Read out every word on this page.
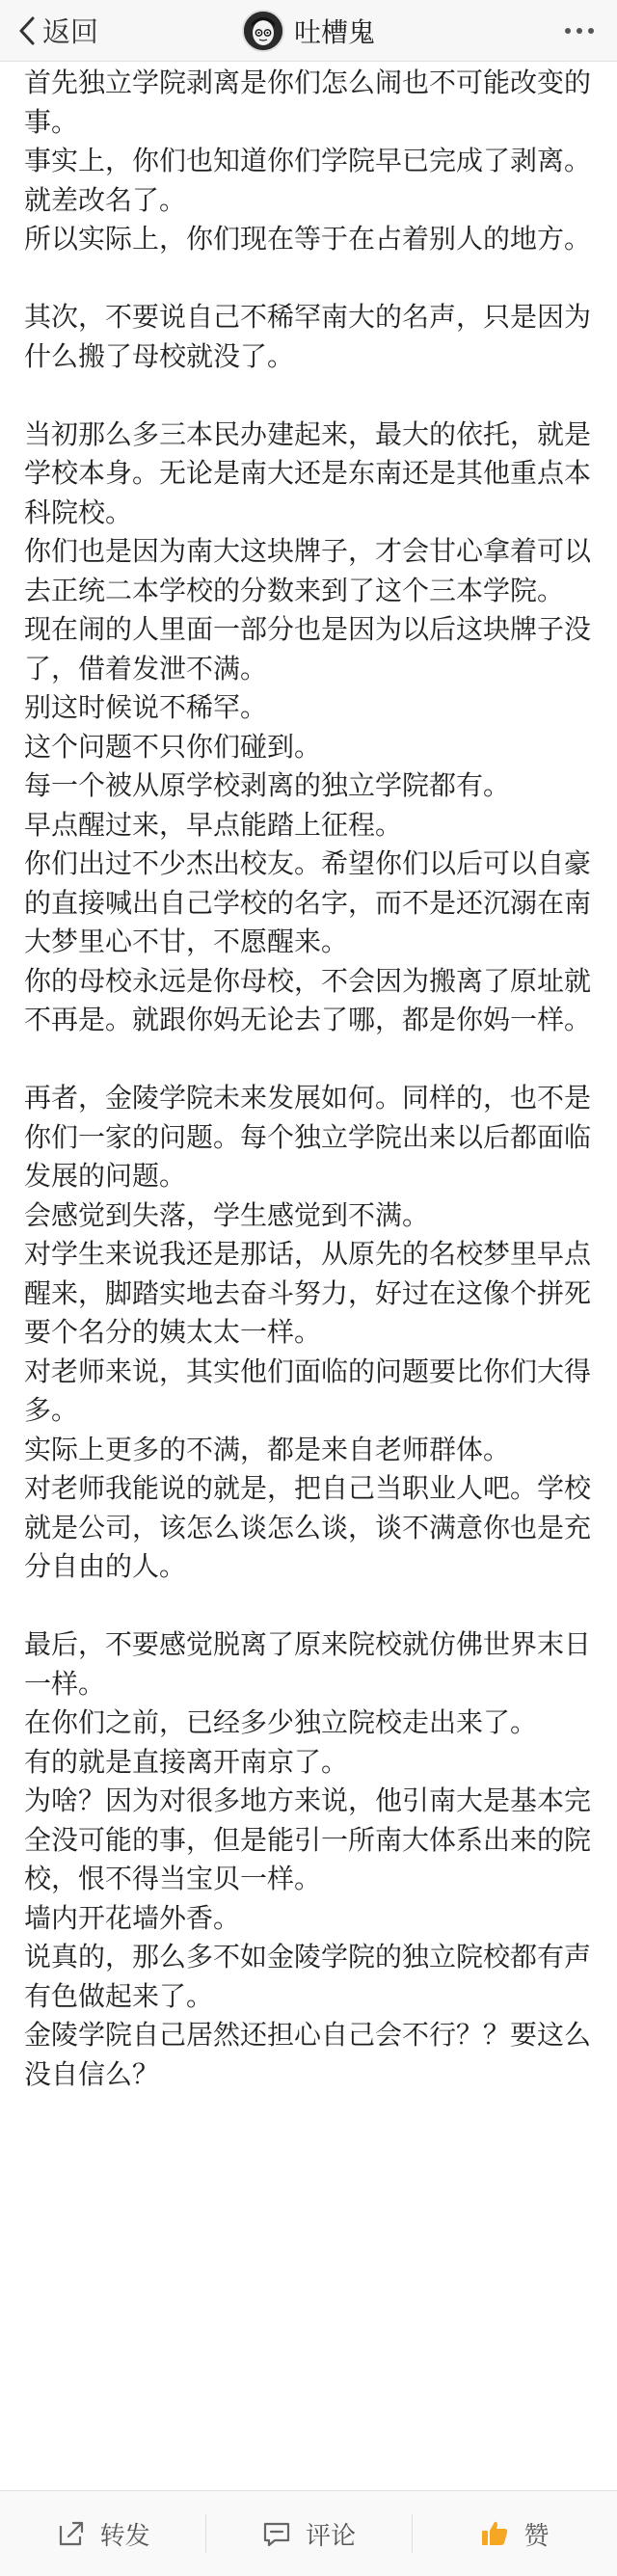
返回	吐槽鬼

首先独立学院剥离是你们怎么闹也不可能改变的事。

事实上，你们也知道你们学院早已完成了剥离。

就差改名了。

所以实际上，你们现在等于在占着别人的地方。

其次，不要说自己不稀罕南大的名声，只是因为什么搬了母校就没了。

当初那么多三本民办建起来，最大的依托，就是学校本身。无论是南大还是东南还是其他重点本科院校。

你们也是因为南大这块牌子，才会甘心拿着可以去正统二本学校的分数来到了这个三本学院。

现在闹的人里面一部分也是因为以后这块牌子没了，借着发泄不满。

别这时候说不稀罕。

这个问题不只你们碰到。

每一个被从原学校剥离的独立学院都有。

早点醒过来，早点能踏上征程。

你们出过不少杰出校友。希望你们以后可以自豪的直接喊出自己学校的名字，而不是还沉溺在南大梦里心不甘，不愿醒来。

你的母校永远是你母校，不会因为搬离了原址就不再是。就跟你妈无论去了哪，都是你妈一样。

再者，金陵学院未来发展如何。同样的，也不是你们一家的问题。每个独立学院出来以后都面临发展的问题。

会感觉到失落，学生感觉到不满。

对学生来说我还是那话，从原先的名校梦里早点醒来，脚踏实地去奋斗努力，好过在这像个拼死要个名分的姨太太一样。

对老师来说，其实他们面临的问题要比你们大得多。

实际上更多的不满，都是来自老师群体。

对老师我能说的就是，把自己当职业人吧。学校就是公司，该怎么谈怎么谈，谈不满意你也是充分自由的人。

最后，不要感觉脱离了原来院校就仿佛世界末日一样。

在你们之前，已经多少独立院校走出来了。

有的就是直接离开南京了。

为啥？因为对很多地方来说，他引南大是基本完全没可能的事，但是能引一所南大体系出来的院校，恨不得当宝贝一样。

墙内开花墙外香。

说真的，那么多不如金陵学院的独立院校都有声有色做起来了。

金陵学院自己居然还担心自己会不行？？要这么没自信么？

转发	评论	赞
